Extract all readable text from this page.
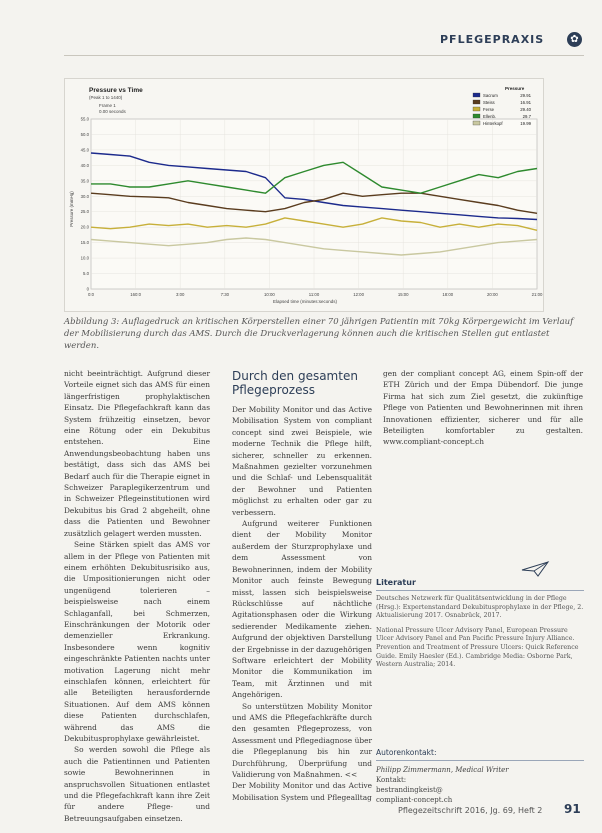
PFLEGEPRAXIS	✿
Pressure vs Time
(Peak 1 to 1440)
Frame 1
0.00 seconds
Elapsed time (minutes:seconds)
Pressure (mmHg)
Pressure
0
5.0
10.0
15.0
20.0
25.0
30.0
35.0
40.0
45.0
50.0
55.0
0:0	160:0	3:00	7:30	10:00	11:00	12:00	15:00	18:00	20:00	21:00
Sacrum	29.91
Steiss	16.91
Ferse	29.40
Ellenb.	29.7
Hinterkopf	19.99
Abbildung 3: Auflagedruck an kritischen Körperstellen einer 70 jährigen Patientin mit 70kg Körpergewicht im Verlauf der Mobilisierung durch das AMS. Durch die Druckverlagerung können auch die kritischen Stellen gut entlastet werden.

nicht beeinträchtigt. Aufgrund dieser Vorteile eignet sich das AMS für einen längerfristigen prophylaktischen Einsatz. Die Pflegefachkraft kann das System frühzeitig einsetzen, bevor eine Rötung oder ein Dekubitus entstehen. Eine Anwendungsbeobachtung haben uns bestätigt, dass sich das AMS bei Bedarf auch für die Therapie eignet in Schweizer Paraplegikerzentrum und in Schweizer Pflegeinstitutionen wird Dekubitus bis Grad 2 abgeheilt, ohne dass die Patienten und Bewohner zusätzlich gelagert werden mussten.

Seine Stärken spielt das AMS vor allem in der Pflege von Patienten mit einem erhöhten Dekubitusrisiko aus, die Umpositionierungen nicht oder ungenügend tolerieren – beispielsweise nach einem Schlaganfall, bei Schmerzen, Einschränkungen der Motorik oder demenzieller Erkrankung. Insbesondere wenn kognitiv eingeschränkte Patienten nachts unter motivation Lagerung nicht mehr einschlafen können, erleichtert für alle Beteiligten herausfordernde Situationen. Auf dem AMS können diese Patienten durchschlafen, während das AMS die Dekubitusprophylaxe gewährleistet.

So werden sowohl die Pflege als auch die Patientinnen und Patienten sowie Bewohnerinnen in anspruchsvollen Situationen entlastet und die Pflegefachkraft kann ihre Zeit für andere Pflege- und Betreuungsaufgaben einsetzen.

Durch den gesamten Pflegeprozess

Der Mobility Monitor und das Active Mobilisation System von compliant concept sind zwei Beispiele, wie moderne Technik die Pflege hilft, sicherer, schneller zu erkennen. Maßnahmen gezielter vorzunehmen und die Schlaf- und Lebensqualität der Bewohner und Patienten möglichst zu erhalten oder gar zu verbessern.

Aufgrund weiterer Funktionen dient der Mobility Monitor außerdem der Sturzprophylaxe und dem Assessment von Bewohnerinnen, indem der Mobility Monitor auch feinste Bewegung misst, lassen sich beispielsweise Rückschlüsse auf nächtliche Agitationsphasen oder die Wirkung sedierender Medikamente ziehen. Aufgrund der objektiven Darstellung der Ergebnisse in der dazugehörigen Software erleichtert der Mobility Monitor die Kommunikation im Team, mit Ärztinnen und mit Angehörigen.

So unterstützen Mobility Monitor und AMS die Pflegefachkräfte durch den gesamten Pflegeprozess, von Assessment und Pflegediagnose über die Pflegeplanung bis hin zur Durchführung, Überprüfung und Validierung von Maßnahmen. <<

Der Mobility Monitor und das Active Mobilisation System und Pflegealltag

gen der compliant concept AG, einem Spin-off der ETH Zürich und der Empa Dübendorf. Die junge Firma hat sich zum Ziel gesetzt, die zukünftige Pflege von Patienten und Bewohnerinnen mit ihren Innovationen effizienter, sicherer und für alle Beteiligten komfortabler zu gestalten. www.compliant-concept.ch

Literatur
Deutsches Netzwerk für Qualitätsentwicklung in der Pflege (Hrsg.): Expertenstandard Dekubitusprophylaxe in der Pflege, 2. Aktualisierung 2017. Osnabrück, 2017.
National Pressure Ulcer Advisory Panel, European Pressure Ulcer Advisory Panel and Pan Pacific Pressure Injury Alliance. Prevention and Treatment of Pressure Ulcers: Quick Reference Guide. Emily Haesler (Ed.). Cambridge Media: Osborne Park, Western Australia; 2014.
Autorenkontakt:
Philipp Zimmermann, Medical Writer
Kontakt:
bestrandingkeist@
compliant-concept.ch
Pflegezeitschrift 2016, Jg. 69, Heft 2 91
